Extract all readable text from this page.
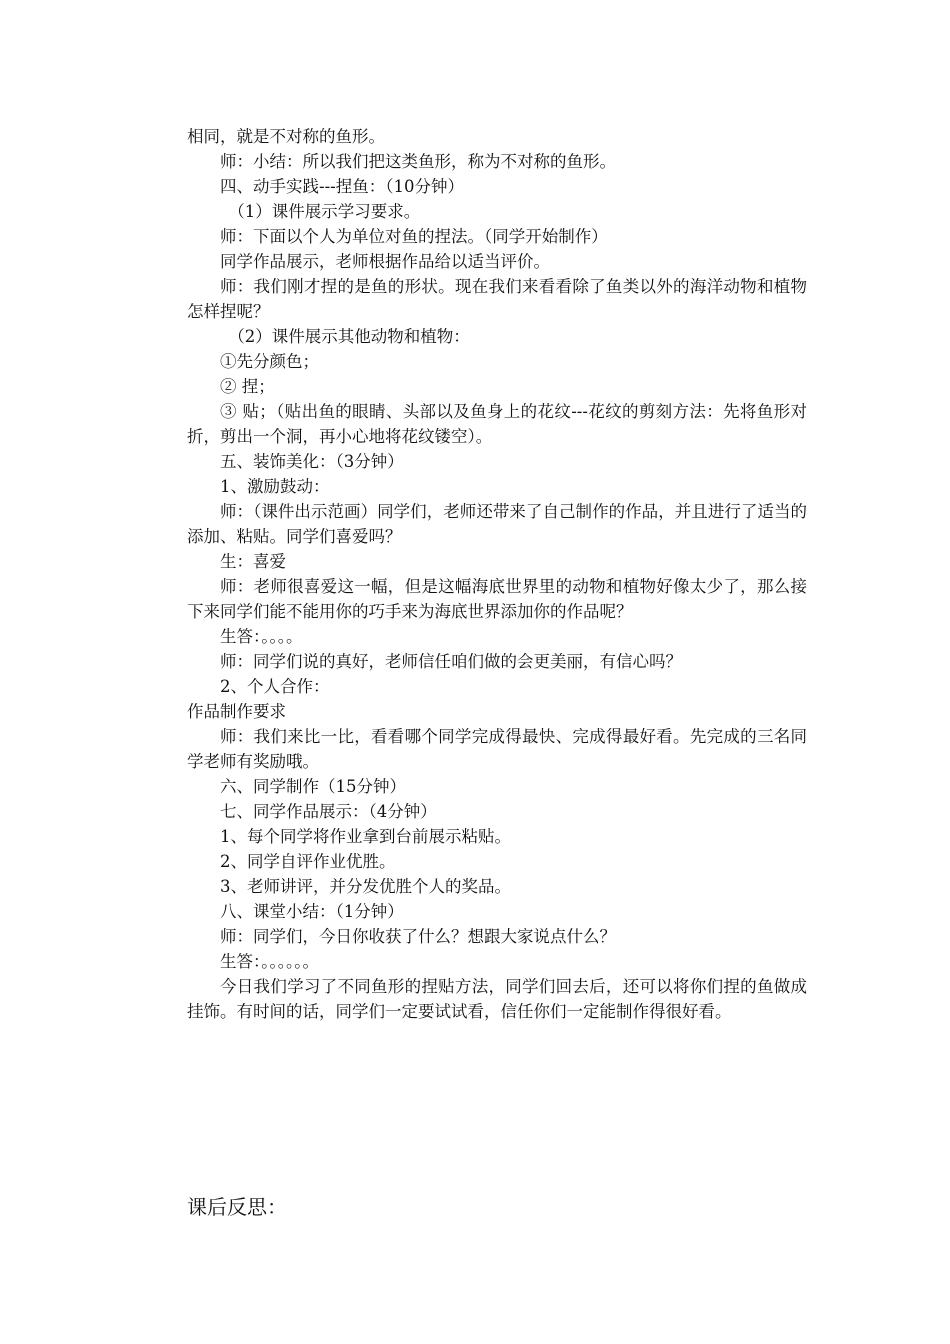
相同，就是不对称的鱼形。

师：小结：所以我们把这类鱼形，称为不对称的鱼形。

四、动手实践---捏鱼：（10分钟）

（1）课件展示学习要求。

师：下面以个人为单位对鱼的捏法。（同学开始制作）

同学作品展示，老师根据作品给以适当评价。

师：我们刚才捏的是鱼的形状。现在我们来看看除了鱼类以外的海洋动物和植物怎样捏呢？

（2）课件展示其他动物和植物：

①先分颜色；

② 捏；

③ 贴；（贴出鱼的眼睛、头部以及鱼身上的花纹---花纹的剪刻方法：先将鱼形对折，剪出一个洞，再小心地将花纹镂空）。

五、装饰美化：（3分钟）

1、激励鼓动：

师：（课件出示范画）同学们，老师还带来了自己制作的作品，并且进行了适当的添加、粘贴。同学们喜爱吗？

生：喜爱

师：老师很喜爱这一幅，但是这幅海底世界里的动物和植物好像太少了，那么接下来同学们能不能用你的巧手来为海底世界添加你的作品呢？

生答：。。。。

师：同学们说的真好，老师信任咱们做的会更美丽，有信心吗？

2、个人合作：

作品制作要求

师：我们来比一比，看看哪个同学完成得最快、完成得最好看。先完成的三名同学老师有奖励哦。

六、同学制作（15分钟）

七、同学作品展示：（4分钟）

1、每个同学将作业拿到台前展示粘贴。

2、同学自评作业优胜。

3、老师讲评，并分发优胜个人的奖品。

八、课堂小结：（1分钟）

师：同学们，今日你收获了什么？想跟大家说点什么？

生答：。。。。。。

今日我们学习了不同鱼形的捏贴方法，同学们回去后，还可以将你们捏的鱼做成挂饰。有时间的话，同学们一定要试试看，信任你们一定能制作得很好看。

课后反思：
